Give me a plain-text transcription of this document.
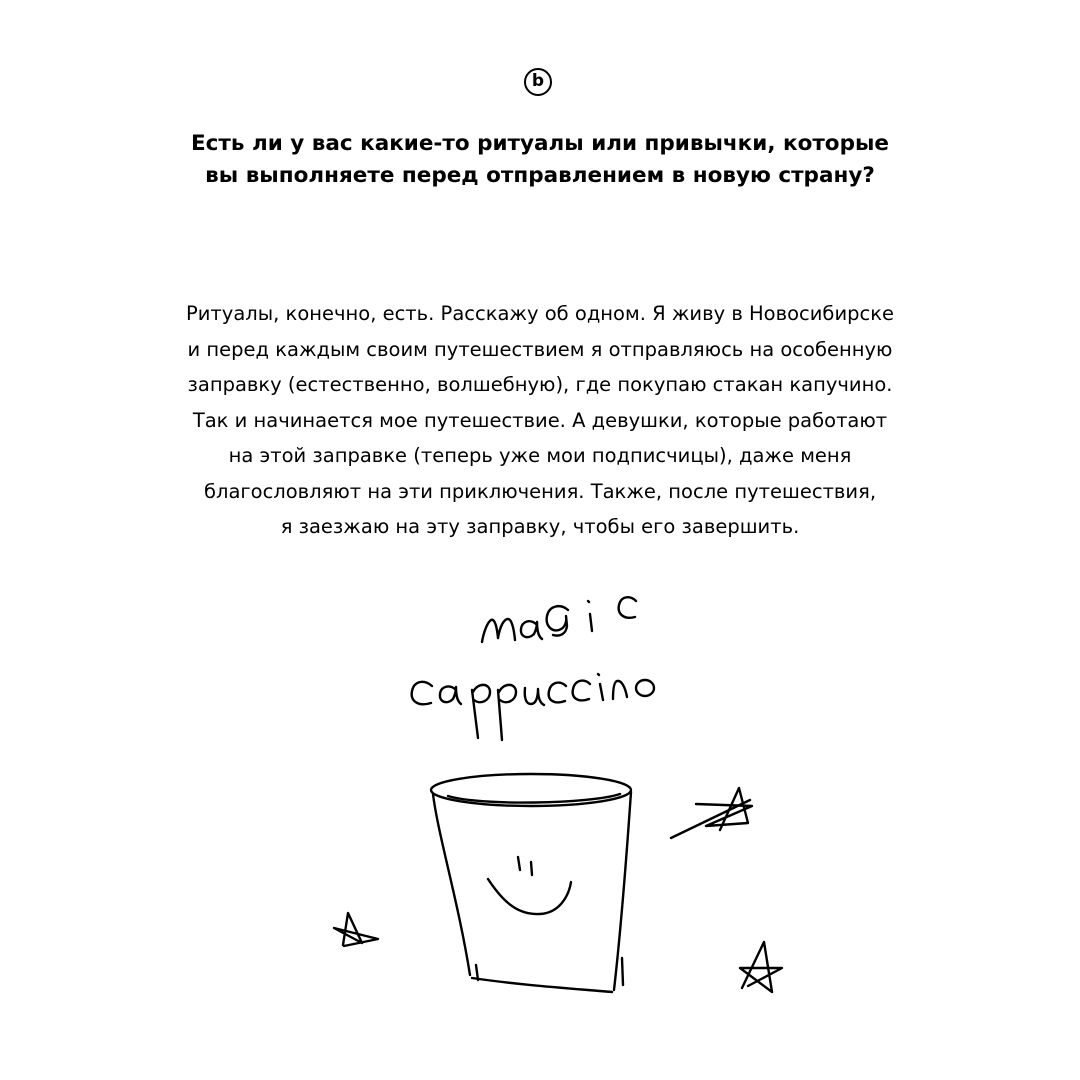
b
Есть ли у вас какие-то ритуалы или привычки, которые
вы выполняете перед отправлением в новую страну?
Ритуалы, конечно, есть. Расскажу об одном. Я живу в Новосибирске
и перед каждым своим путешествием я отправляюсь на особенную
заправку (естественно, волшебную), где покупаю стакан капучино.
Так и начинается мое путешествие. А девушки, которые работают
на этой заправке (теперь уже мои подписчицы), даже меня
благословляют на эти приключения. Также, после путешествия,
я заезжаю на эту заправку, чтобы его завершить.
